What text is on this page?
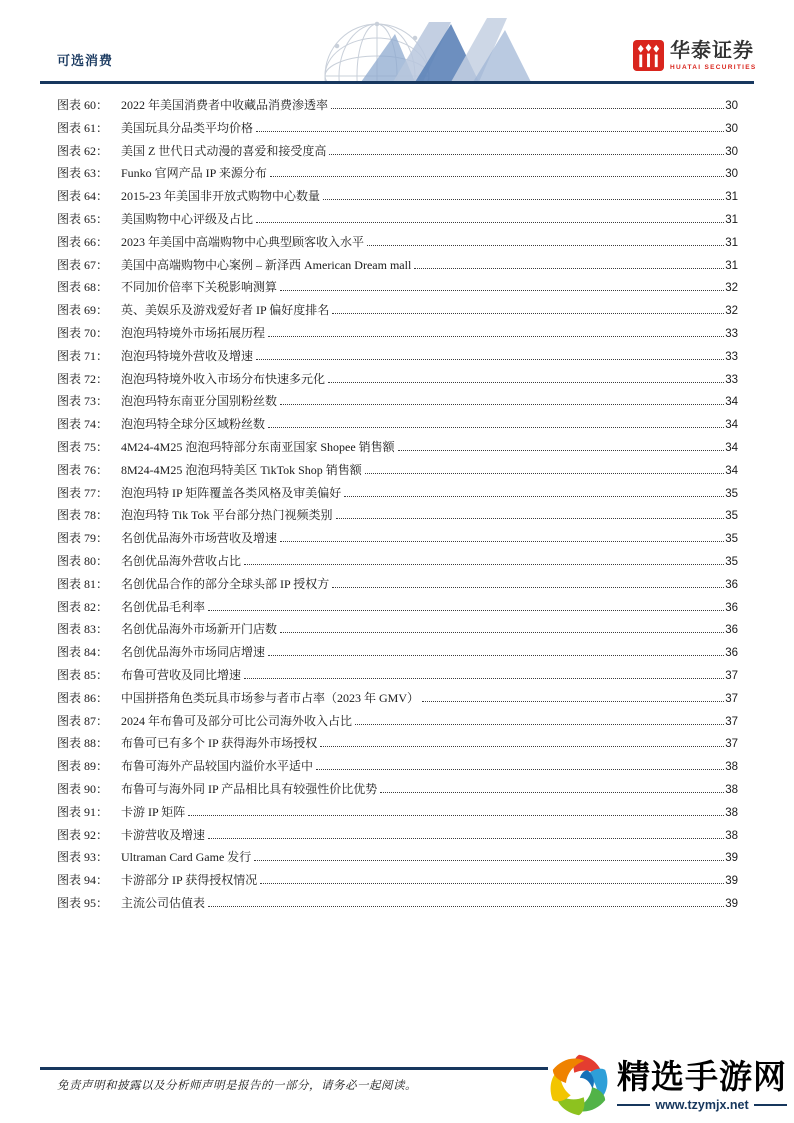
可选消费	华泰证券
HUATAI SECURITIES
图表 60：	2022 年美国消费者中收藏品消费渗透率	30
图表 61：	美国玩具分品类平均价格	30
图表 62：	美国 Z 世代日式动漫的喜爱和接受度高	30
图表 63：	Funko 官网产品 IP 来源分布	30
图表 64：	2015-23 年美国非开放式购物中心数量	31
图表 65：	美国购物中心评级及占比	31
图表 66：	2023 年美国中高端购物中心典型顾客收入水平	31
图表 67：	美国中高端购物中心案例 – 新泽西 American Dream mall	31
图表 68：	不同加价倍率下关税影响测算	32
图表 69：	英、美娱乐及游戏爱好者 IP 偏好度排名	32
图表 70：	泡泡玛特境外市场拓展历程	33
图表 71：	泡泡玛特境外营收及增速	33
图表 72：	泡泡玛特境外收入市场分布快速多元化	33
图表 73：	泡泡玛特东南亚分国别粉丝数	34
图表 74：	泡泡玛特全球分区域粉丝数	34
图表 75：	4M24-4M25 泡泡玛特部分东南亚国家 Shopee 销售额	34
图表 76：	8M24-4M25 泡泡玛特美区 TikTok Shop 销售额	34
图表 77：	泡泡玛特 IP 矩阵覆盖各类风格及审美偏好	35
图表 78：	泡泡玛特 Tik Tok 平台部分热门视频类别	35
图表 79：	名创优品海外市场营收及增速	35
图表 80：	名创优品海外营收占比	35
图表 81：	名创优品合作的部分全球头部 IP 授权方	36
图表 82：	名创优品毛利率	36
图表 83：	名创优品海外市场新开门店数	36
图表 84：	名创优品海外市场同店增速	36
图表 85：	布鲁可营收及同比增速	37
图表 86：	中国拼搭角色类玩具市场参与者市占率（2023 年 GMV）	37
图表 87：	2024 年布鲁可及部分可比公司海外收入占比	37
图表 88：	布鲁可已有多个 IP 获得海外市场授权	37
图表 89：	布鲁可海外产品较国内溢价水平适中	38
图表 90：	布鲁可与海外同 IP 产品相比具有较强性价比优势	38
图表 91：	卡游 IP 矩阵	38
图表 92：	卡游营收及增速	38
图表 93：	Ultraman Card Game 发行	39
图表 94：	卡游部分 IP 获得授权情况	39
图表 95：	主流公司估值表	39
免责声明和披露以及分析师声明是报告的一部分，请务必一起阅读。	精选手游网
www.tzymjx.net
